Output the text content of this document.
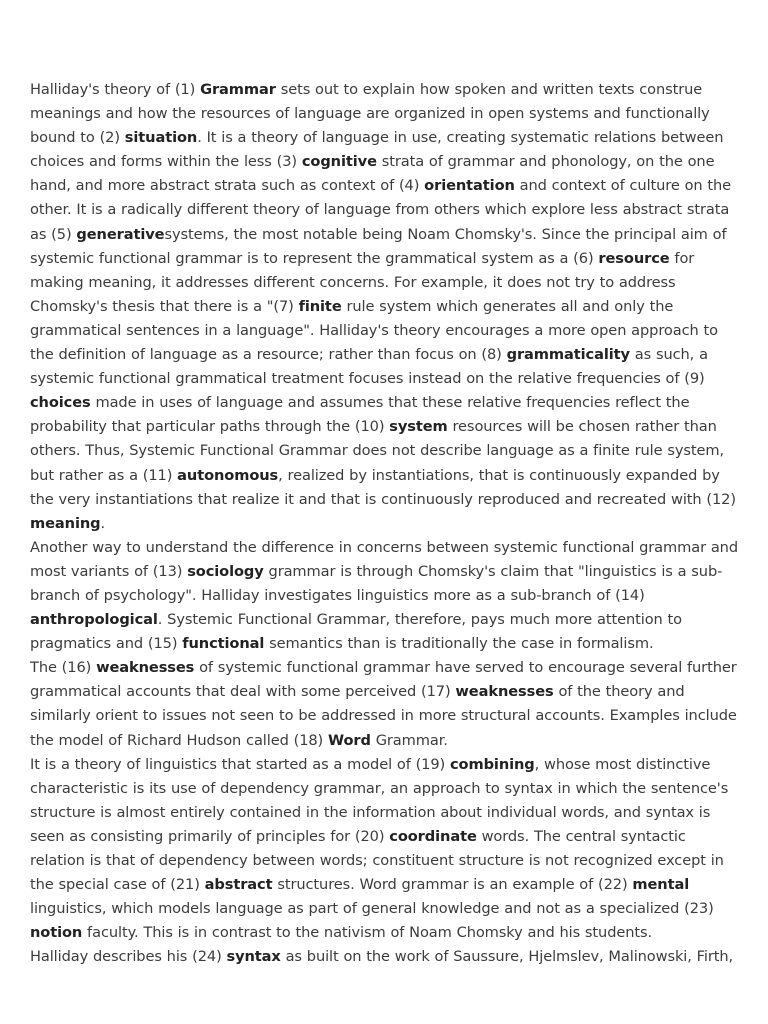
Halliday's theory of (1) Grammar sets out to explain how spoken and written texts construe meanings and how the resources of language are organized in open systems and functionally bound to (2) situation. It is a theory of language in use, creating systematic relations between choices and forms within the less (3) cognitive strata of grammar and phonology, on the one hand, and more abstract strata such as context of (4) orientation and context of culture on the other. It is a radically different theory of language from others which explore less abstract strata as (5) generativesystems, the most notable being Noam Chomsky's. Since the principal aim of systemic functional grammar is to represent the grammatical system as a (6) resource for making meaning, it addresses different concerns. For example, it does not try to address Chomsky's thesis that there is a "(7) finite rule system which generates all and only the grammatical sentences in a language". Halliday's theory encourages a more open approach to the definition of language as a resource; rather than focus on (8) grammaticality as such, a systemic functional grammatical treatment focuses instead on the relative frequencies of (9) choices made in uses of language and assumes that these relative frequencies reflect the probability that particular paths through the (10) system resources will be chosen rather than others. Thus, Systemic Functional Grammar does not describe language as a finite rule system, but rather as a (11) autonomous, realized by instantiations, that is continuously expanded by the very instantiations that realize it and that is continuously reproduced and recreated with (12) meaning.

Another way to understand the difference in concerns between systemic functional grammar and most variants of (13) sociology grammar is through Chomsky's claim that "linguistics is a sub-branch of psychology". Halliday investigates linguistics more as a sub-branch of (14) anthropological. Systemic Functional Grammar, therefore, pays much more attention to pragmatics and (15) functional semantics than is traditionally the case in formalism.

The (16) weaknesses of systemic functional grammar have served to encourage several further grammatical accounts that deal with some perceived (17) weaknesses of the theory and similarly orient to issues not seen to be addressed in more structural accounts. Examples include the model of Richard Hudson called (18) Word Grammar.

It is a theory of linguistics that started as a model of (19) combining, whose most distinctive characteristic is its use of dependency grammar, an approach to syntax in which the sentence's structure is almost entirely contained in the information about individual words, and syntax is seen as consisting primarily of principles for (20) coordinate words. The central syntactic relation is that of dependency between words; constituent structure is not recognized except in the special case of (21) abstract structures. Word grammar is an example of (22) mental linguistics, which models language as part of general knowledge and not as a specialized (23) notion faculty. This is in contrast to the nativism of Noam Chomsky and his students.

Halliday describes his (24) syntax as built on the work of Saussure, Hjelmslev, Malinowski, Firth,
